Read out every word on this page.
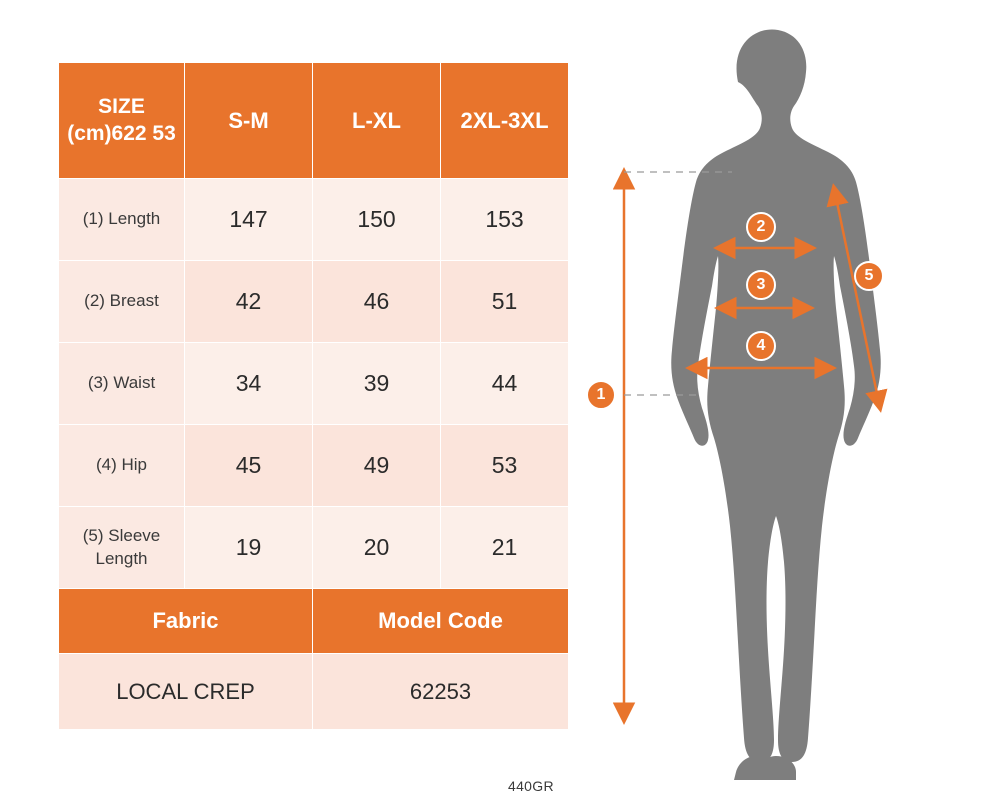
SIZE (cm)622 53	S-M	L-XL	2XL-3XL
(1) Length	147	150	153
(2) Breast	42	46	51
(3) Waist	34	39	44
(4) Hip	45	49	53
(5) Sleeve Length	19	20	21
Fabric		Model Code	
LOCAL CREP		62253	
440GR
1
2
3
4
5
